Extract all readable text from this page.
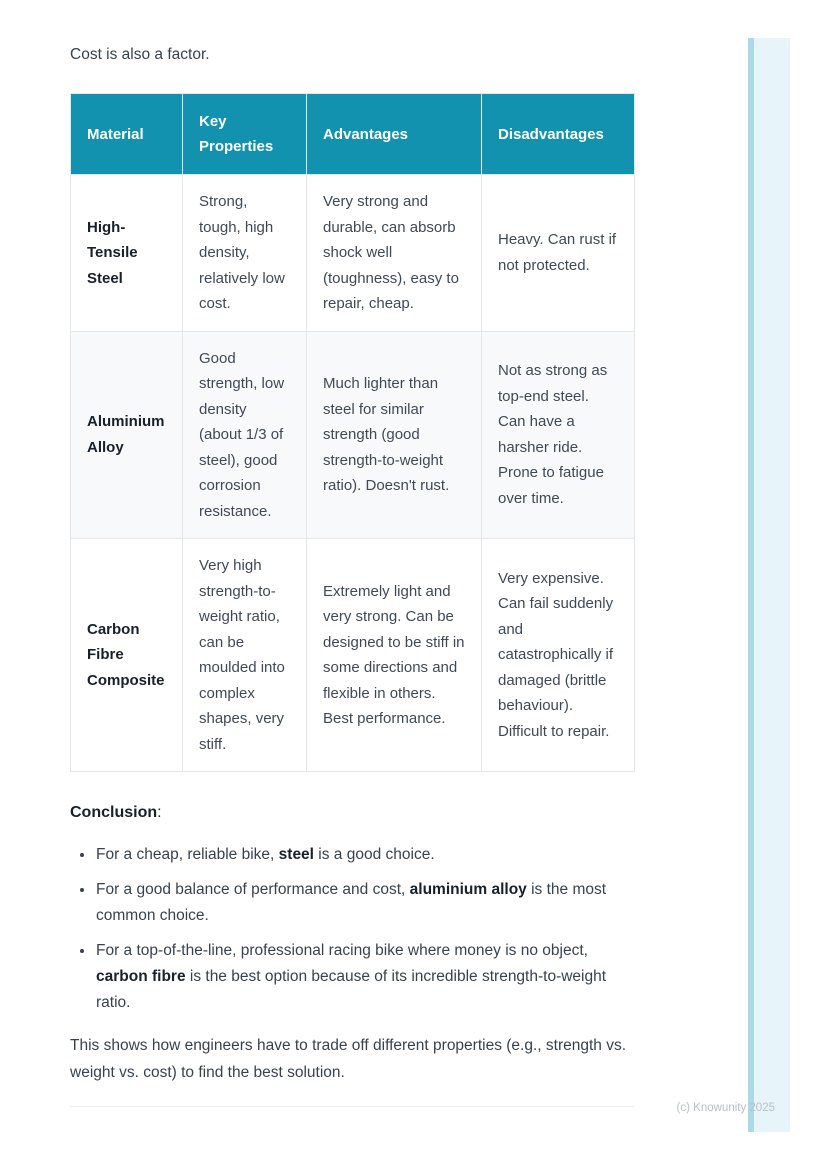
Cost is also a factor.

Material	Key Properties	Advantages	Disadvantages
High-Tensile Steel	Strong, tough, high density, relatively low cost.	Very strong and durable, can absorb shock well (toughness), easy to repair, cheap.	Heavy. Can rust if not protected.
Aluminium Alloy	Good strength, low density (about 1/3 of steel), good corrosion resistance.	Much lighter than steel for similar strength (good strength-to-weight ratio). Doesn't rust.	Not as strong as top-end steel. Can have a harsher ride. Prone to fatigue over time.
Carbon Fibre Composite	Very high strength-to-weight ratio, can be moulded into complex shapes, very stiff.	Extremely light and very strong. Can be designed to be stiff in some directions and flexible in others. Best performance.	Very expensive. Can fail suddenly and catastrophically if damaged (brittle behaviour). Difficult to repair.

Conclusion:

• For a cheap, reliable bike, steel is a good choice.
• For a good balance of performance and cost, aluminium alloy is the most common choice.
• For a top-of-the-line, professional racing bike where money is no object, carbon fibre is the best option because of its incredible strength-to-weight ratio.

This shows how engineers have to trade off different properties (e.g., strength vs. weight vs. cost) to find the best solution.

(c) Knowunity 2025
